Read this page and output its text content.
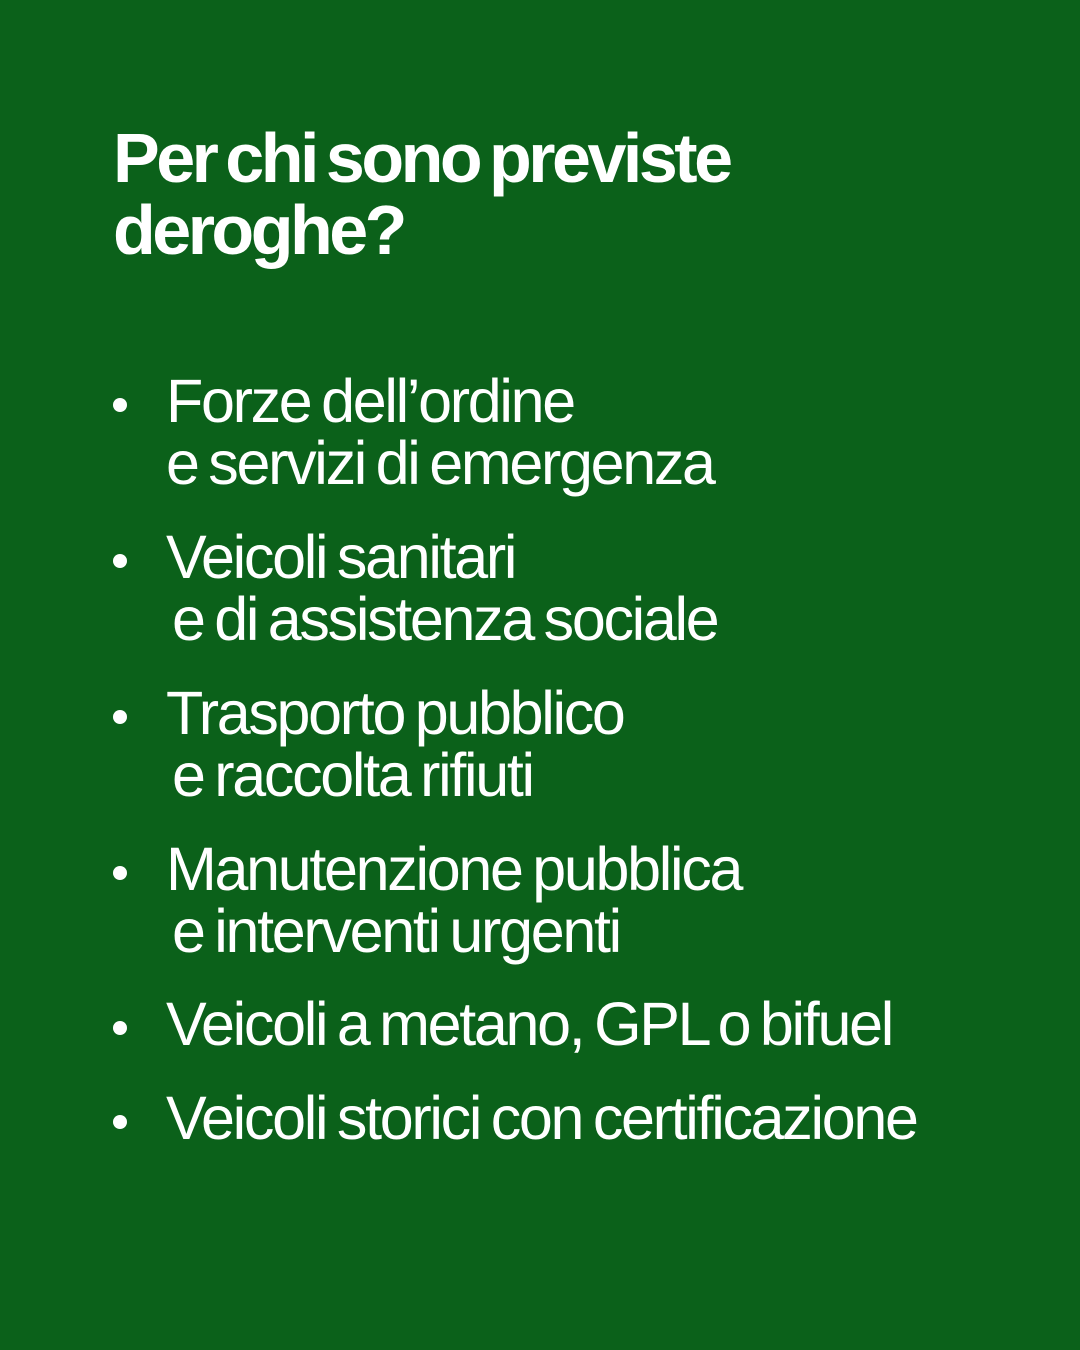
Per chi sono previste
deroghe?
Forze dell’ordine
e servizi di emergenza
Veicoli sanitari
e di assistenza sociale
Trasporto pubblico
e raccolta rifiuti
Manutenzione pubblica
e interventi urgenti
Veicoli a metano, GPL o bifuel
Veicoli storici con certificazione
